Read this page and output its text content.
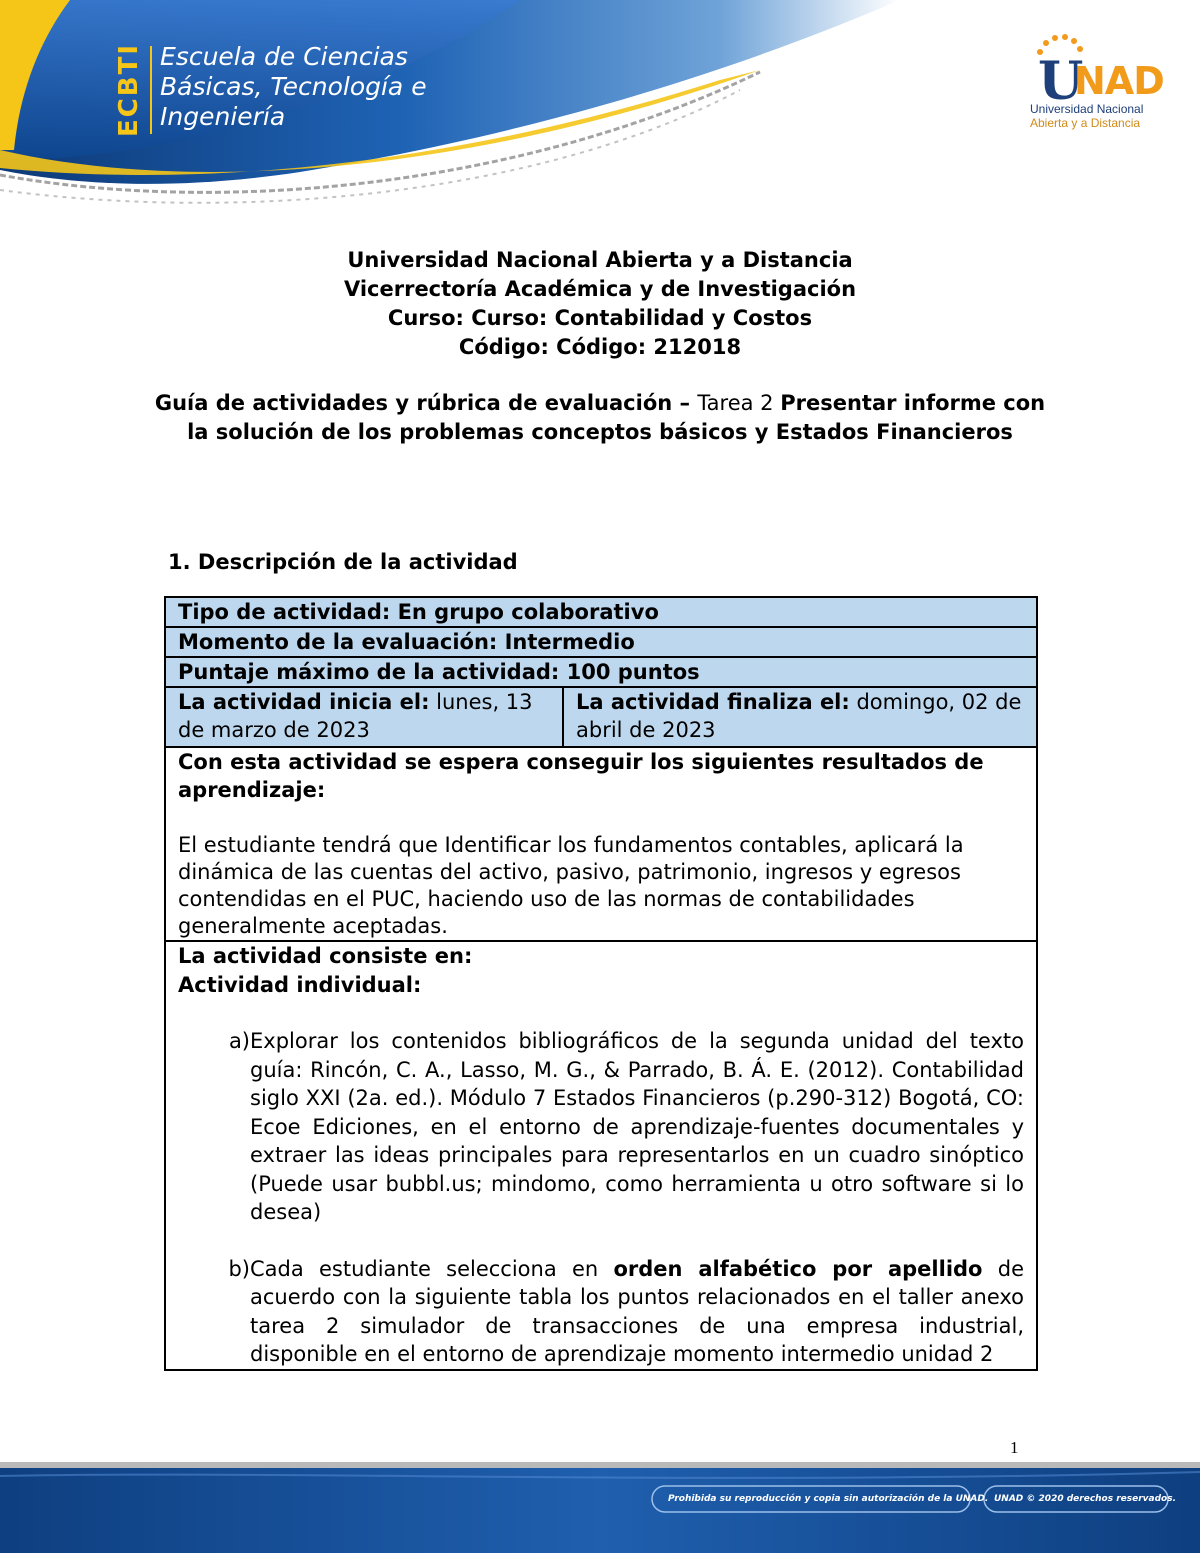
ECBTI Escuela de Ciencias
Básicas, Tecnología e
Ingeniería
U
NAD
Universidad Nacional
Abierta y a Distancia
Universidad Nacional Abierta y a Distancia
Vicerrectoría Académica y de Investigación
Curso: Curso: Contabilidad y Costos
Código: Código: 212018
Guía de actividades y rúbrica de evaluación – Tarea 2 Presentar informe con la solución de los problemas conceptos básicos y Estados Financieros
1. Descripción de la actividad
Tipo de actividad: En grupo colaborativo
Momento de la evaluación: Intermedio
Puntaje máximo de la actividad: 100 puntos
La actividad inicia el: lunes, 13 de marzo de 2023
La actividad finaliza el: domingo, 02 de abril de 2023
Con esta actividad se espera conseguir los siguientes resultados de aprendizaje:
El estudiante tendrá que Identificar los fundamentos contables, aplicará la dinámica de las cuentas del activo, pasivo, patrimonio, ingresos y egresos contendidas en el PUC, haciendo uso de las normas de contabilidades generalmente aceptadas.
La actividad consiste en:
Actividad individual:
a) Explorar los contenidos bibliográficos de la segunda unidad del texto guía: Rincón, C. A., Lasso, M. G., & Parrado, B. Á. E. (2012). Contabilidad siglo XXI (2a. ed.). Módulo 7 Estados Financieros (p.290-312) Bogotá, CO: Ecoe Ediciones, en el entorno de aprendizaje-fuentes documentales y extraer las ideas principales para representarlos en un cuadro sinóptico (Puede usar bubbl.us; mindomo, como herramienta u otro software si lo desea)
b) Cada estudiante selecciona en orden alfabético por apellido de acuerdo con la siguiente tabla los puntos relacionados en el taller anexo tarea 2 simulador de transacciones de una empresa industrial, disponible en el entorno de aprendizaje momento intermedio unidad 2
1
Prohibida su reproducción y copia sin autorización de la UNAD. UNAD © 2020 derechos reservados.
